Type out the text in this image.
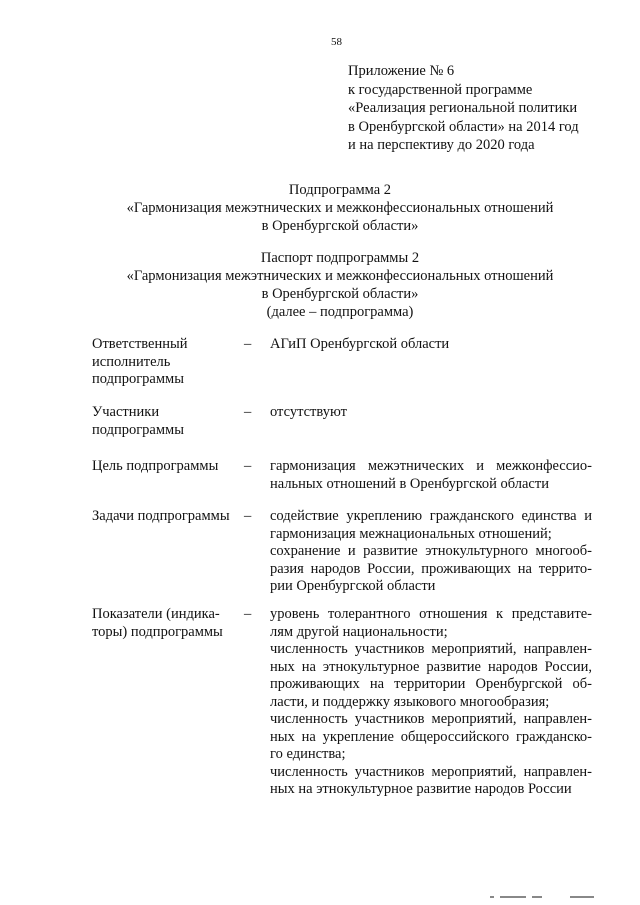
58
Приложение № 6
к государственной программе
«Реализация региональной политики
в Оренбургской области» на 2014 год
и на перспективу до 2020 года
Подпрограмма 2
«Гармонизация межэтнических и межконфессиональных отношений
в Оренбургской области»
Паспорт подпрограммы 2
«Гармонизация межэтнических и межконфессиональных отношений
в Оренбургской области»
(далее – подпрограмма)
Ответственный
исполнитель
подпрограммы
– АГиП Оренбургской области
Участники
подпрограммы
– отсутствуют
Цель подпрограммы	– гармонизация межэтнических и межконфессио-
нальных отношений в Оренбургской области
Задачи подпрограммы – содействие укреплению гражданского единства и
гармонизация межнациональных отношений;
сохранение и развитие этнокультурного многооб-
разия народов России, проживающих на террито-
рии Оренбургской области
Показатели (индика-
торы) подпрограммы
– уровень толерантного отношения к представите-
лям другой национальности;
численность участников мероприятий, направлен-
ных на этнокультурное развитие народов России,
проживающих на территории Оренбургской об-
ласти, и поддержку языкового многообразия;
численность участников мероприятий, направлен-
ных на укрепление общероссийского гражданско-
го единства;
численность участников мероприятий, направлен-
ных на этнокультурное развитие народов России
